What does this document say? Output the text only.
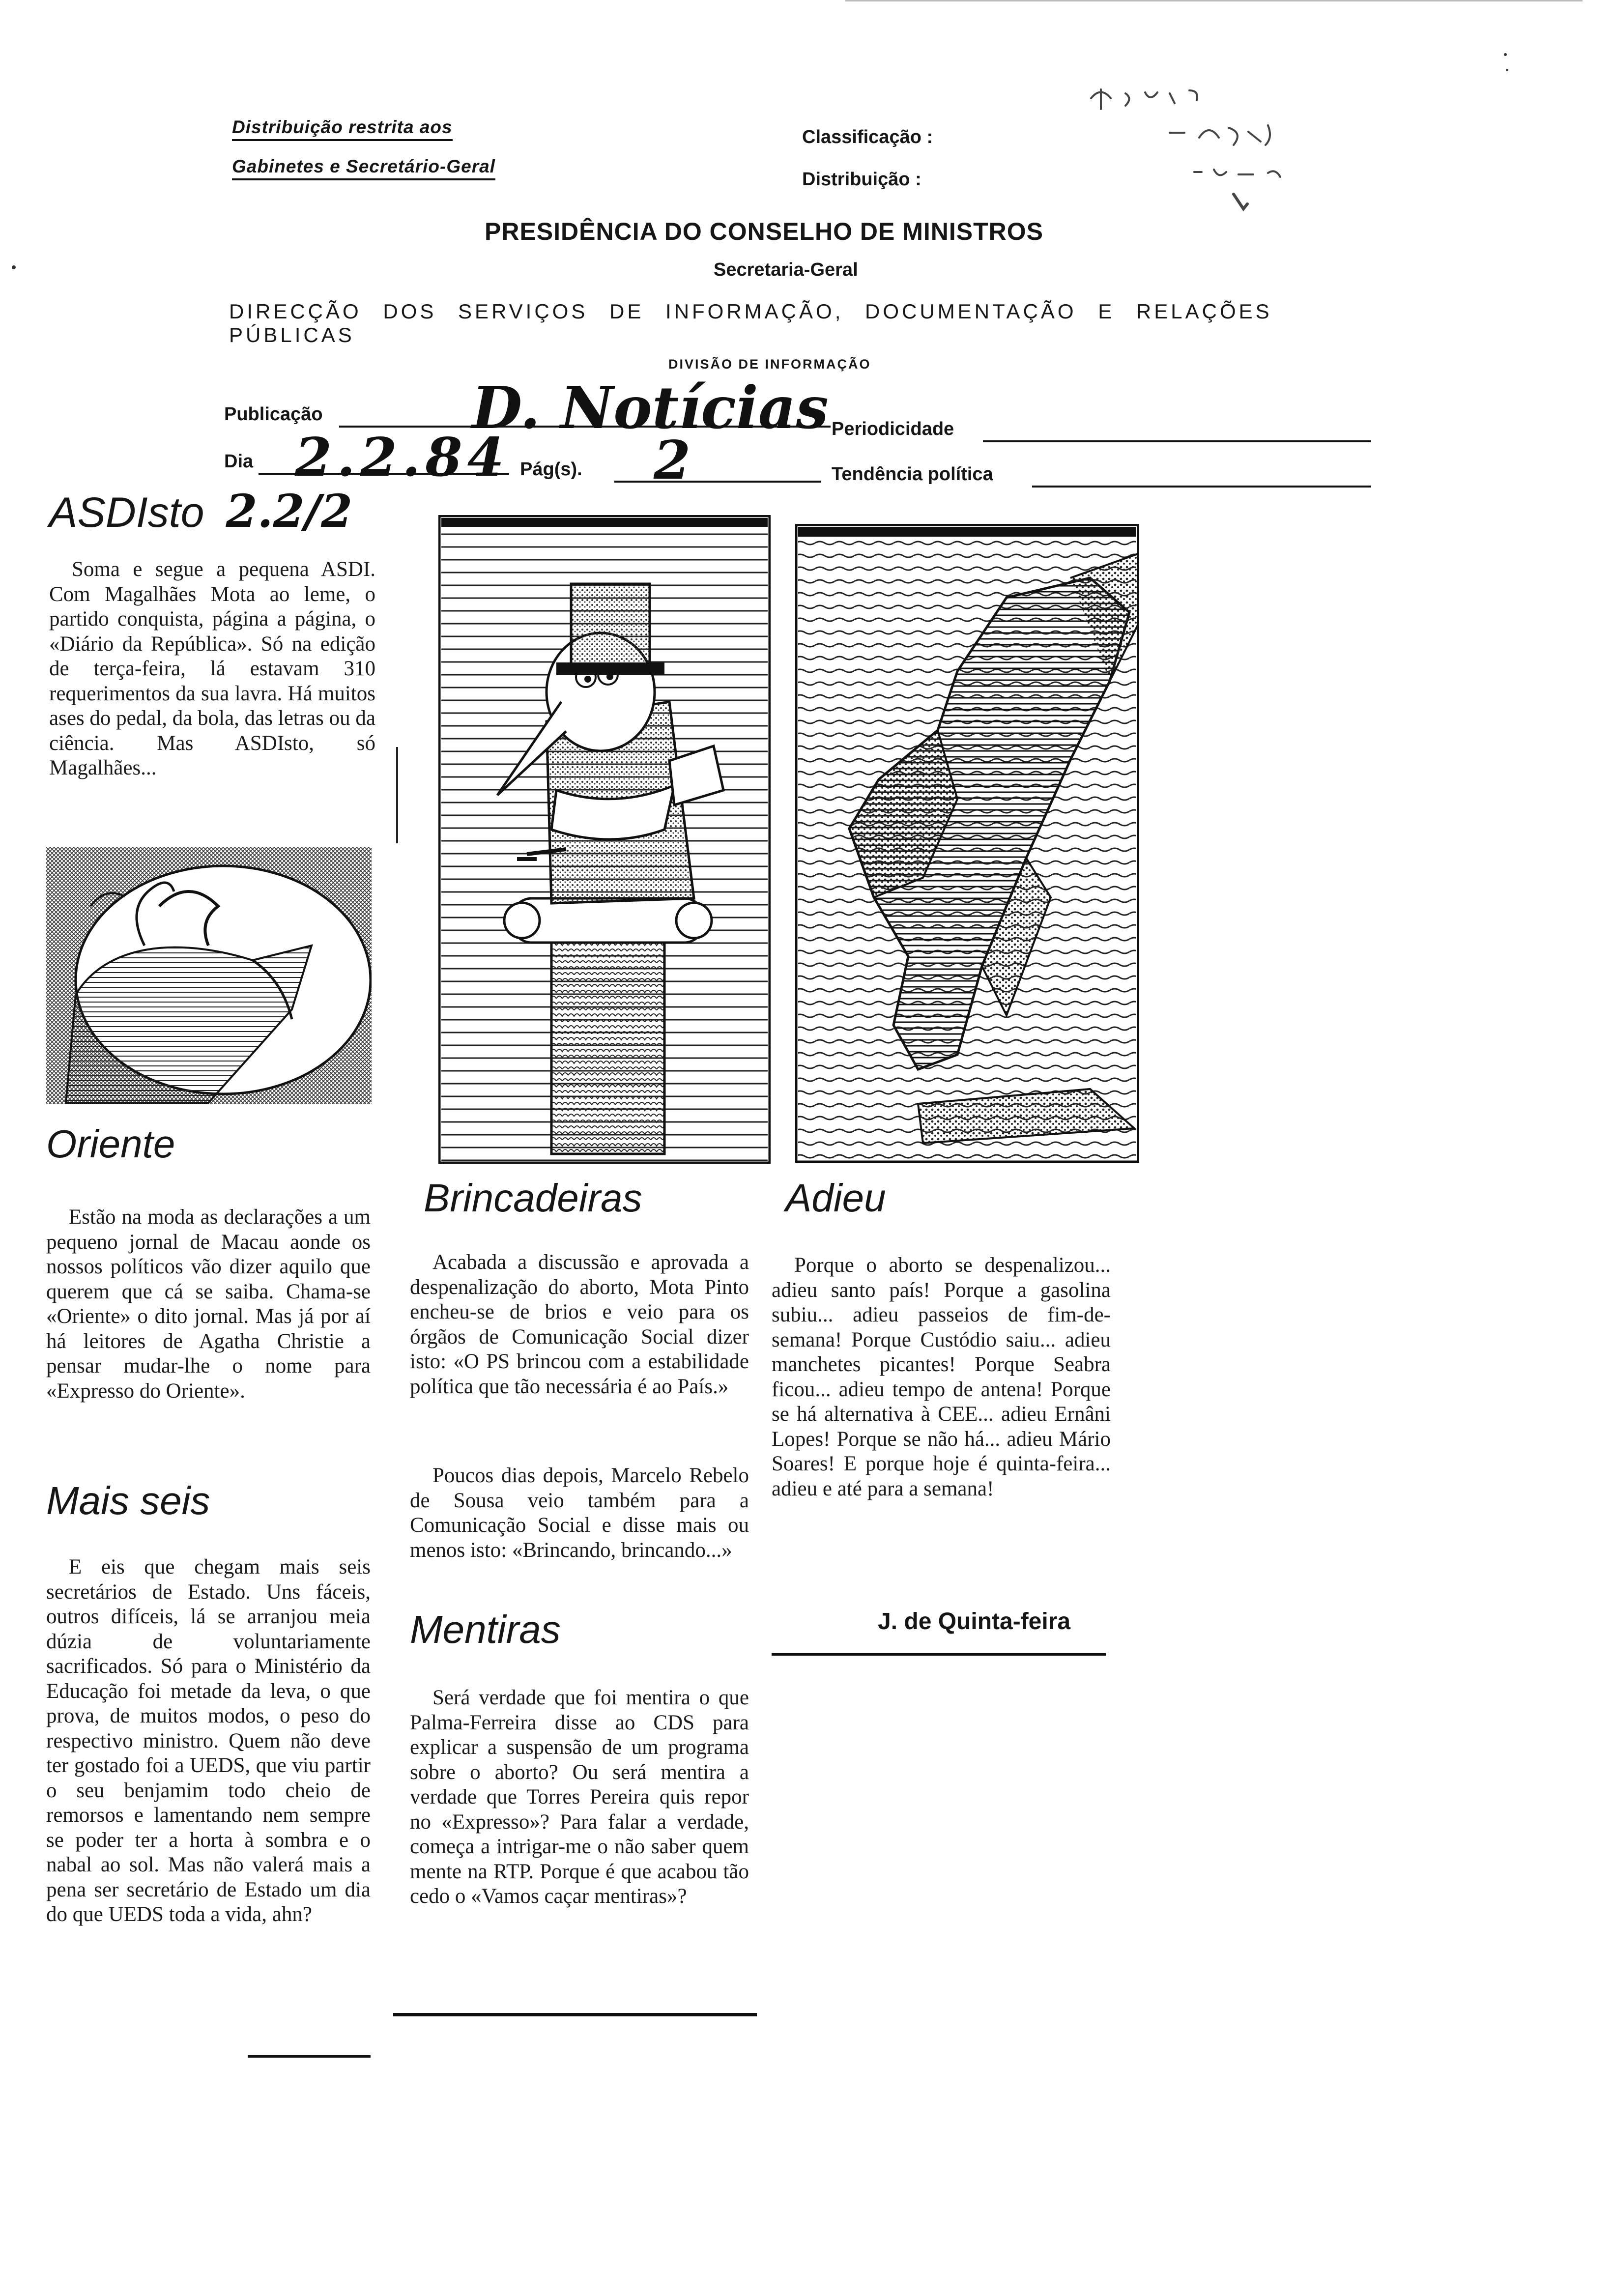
Distribuição restrita aos
Gabinetes e Secretário-Geral
Classificação :
Distribuição :
PRESIDÊNCIA DO CONSELHO DE MINISTROS
Secretaria-Geral
DIRECÇÃO DOS SERVIÇOS DE INFORMAÇÃO, DOCUMENTAÇÃO E RELAÇÕES PÚBLICAS
DIVISÃO DE INFORMAÇÃO
Publicação	D. Notícias Periodicidade
Dia 2.2.84 Pág(s). 2	Tendência política
ASDIsto 2.2/2

Soma e segue a pequena ASDI. Com Magalhães Mota ao leme, o partido conquista, página a página, o «Diário da República». Só na edição de terça-feira, lá estavam 310 requerimentos da sua lavra. Há muitos ases do pedal, da bola, das letras ou da ciência. Mas ASDIsto, só Magalhães...

Oriente

Estão na moda as declarações a um pequeno jornal de Macau aonde os nossos políticos vão dizer aquilo que querem que cá se saiba. Chama-se «Oriente» o dito jornal. Mas já por aí há leitores de Agatha Christie a pensar mudar-lhe o nome para «Expresso do Oriente».

Mais seis

E eis que chegam mais seis secretários de Estado. Uns fáceis, outros difíceis, lá se arranjou meia dúzia de voluntariamente sacrificados. Só para o Ministério da Educação foi metade da leva, o que prova, de muitos modos, o peso do respectivo ministro. Quem não deve ter gostado foi a UEDS, que viu partir o seu benjamim todo cheio de remorsos e lamentando nem sempre se poder ter a horta à sombra e o nabal ao sol. Mas não valerá mais a pena ser secretário de Estado um dia do que UEDS toda a vida, ahn?

Brincadeiras

Acabada a discussão e aprovada a despenalização do aborto, Mota Pinto encheu-se de brios e veio para os órgãos de Comunicação Social dizer isto: «O PS brincou com a estabilidade política que tão necessária é ao País.»

Poucos dias depois, Marcelo Rebelo de Sousa veio também para a Comunicação Social e disse mais ou menos isto: «Brincando, brincando...»

Mentiras

Será verdade que foi mentira o que Palma-Ferreira disse ao CDS para explicar a suspensão de um programa sobre o aborto? Ou será mentira a verdade que Torres Pereira quis repor no «Expresso»? Para falar a verdade, começa a intrigar-me o não saber quem mente na RTP. Porque é que acabou tão cedo o «Vamos caçar mentiras»?

Adieu

Porque o aborto se despenalizou... adieu santo país! Porque a gasolina subiu... adieu passeios de fim-de-semana! Porque Custódio saiu... adieu manchetes picantes! Porque Seabra ficou... adieu tempo de antena! Porque se há alternativa à CEE... adieu Ernâni Lopes! Porque se não há... adieu Mário Soares! E porque hoje é quinta-feira... adieu e até para a semana!

J. de Quinta-feira
